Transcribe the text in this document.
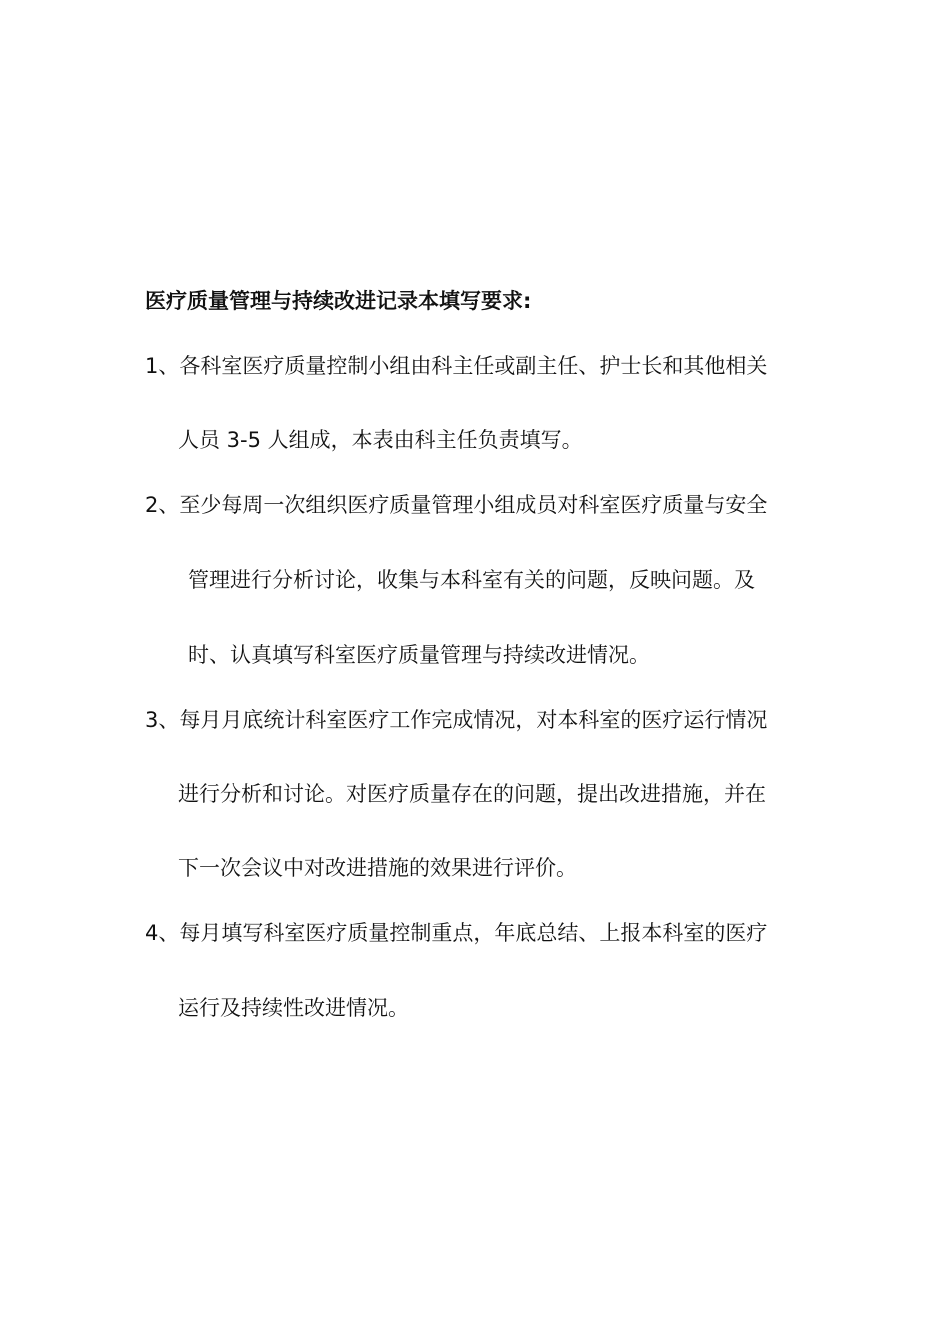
医疗质量管理与持续改进记录本填写要求:
1、各科室医疗质量控制小组由科主任或副主任、护士长和其他相关
人员 3-5 人组成，本表由科主任负责填写。
2、至少每周一次组织医疗质量管理小组成员对科室医疗质量与安全
管理进行分析讨论，收集与本科室有关的问题，反映问题。及
时、认真填写科室医疗质量管理与持续改进情况。
3、每月月底统计科室医疗工作完成情况，对本科室的医疗运行情况
进行分析和讨论。对医疗质量存在的问题，提出改进措施，并在
下一次会议中对改进措施的效果进行评价。
4、每月填写科室医疗质量控制重点，年底总结、上报本科室的医疗
运行及持续性改进情况。
